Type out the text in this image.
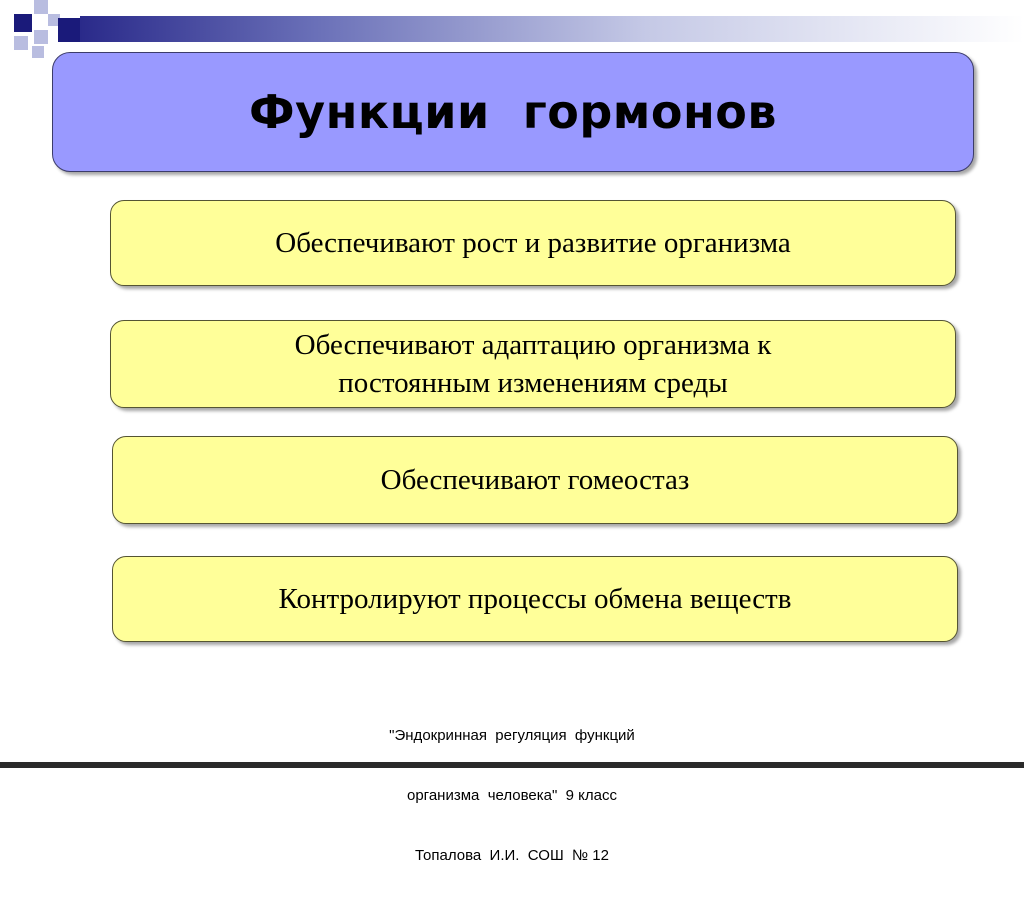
Функции  гормонов
Обеспечивают рост и развитие организма
Обеспечивают адаптацию организма к постоянным изменениям среды
Обеспечивают гомеостаз
Контролируют процессы обмена веществ

"Эндокринная  регуляция  функций

организма  человека"  9 класс

Топалова  И.И.  СОШ  № 12
